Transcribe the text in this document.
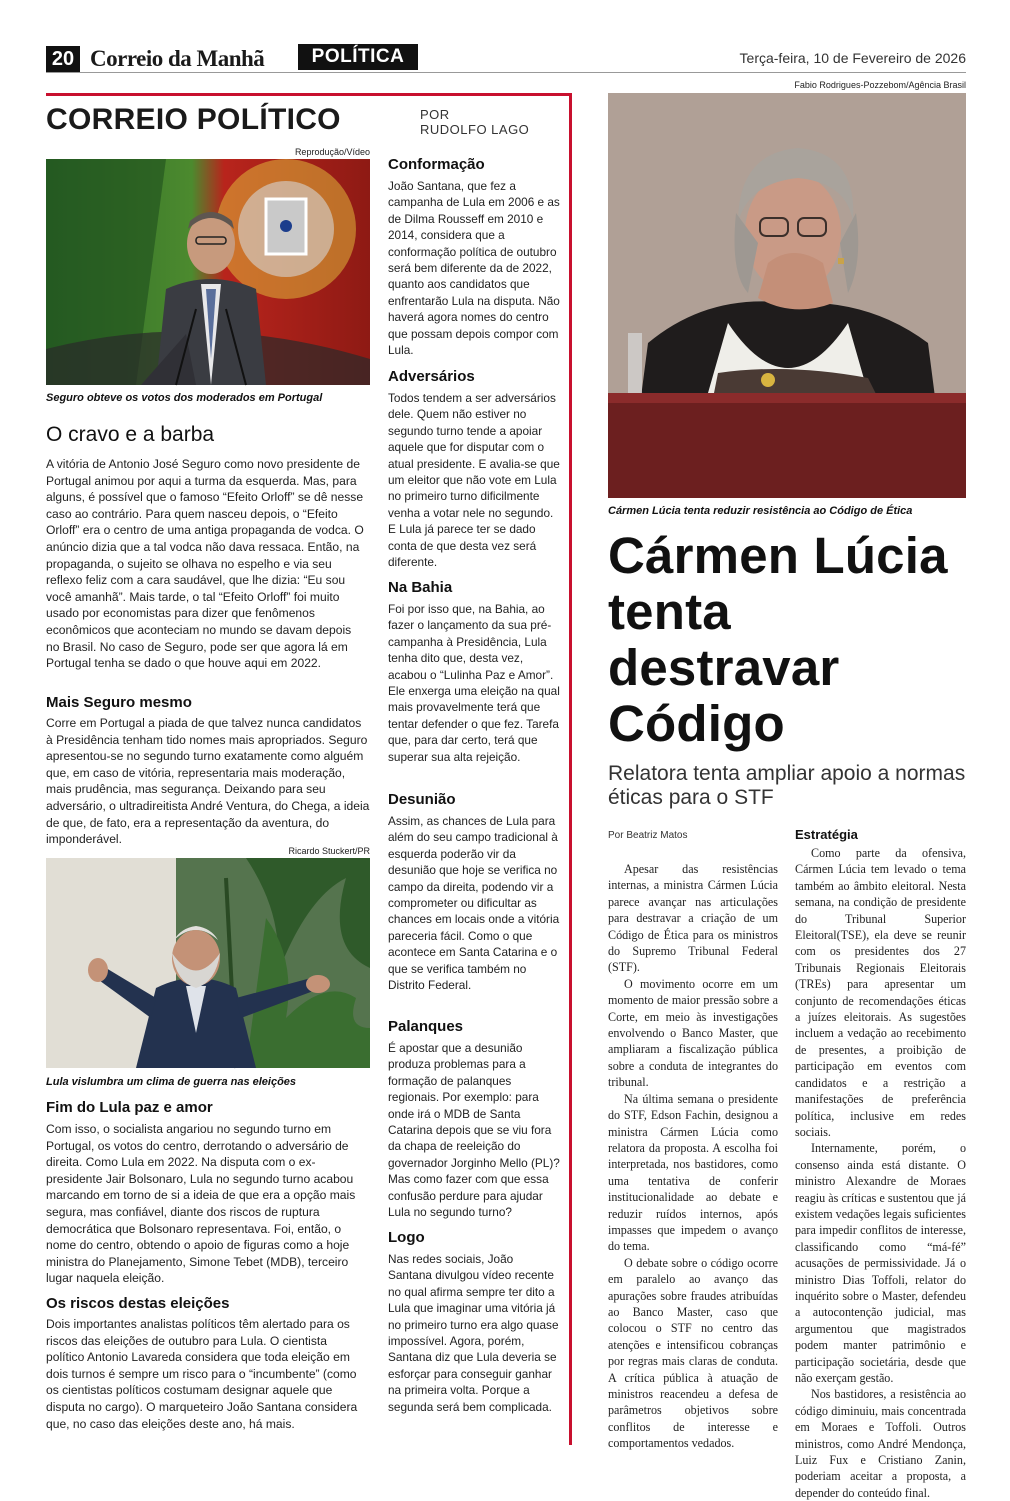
20 Correio da Manhã	POLÍTICA	Terça-feira, 10 de Fevereiro de 2026
CORREIO POLÍTICO	POR
RUDOLFO LAGO
Reprodução/Vídeo
Seguro obteve os votos dos moderados em Portugal
O cravo e a barba

A vitória de Antonio José Seguro como novo presidente de Portugal animou por aqui a turma da esquerda. Mas, para alguns, é possível que o famoso “Efeito Orloff” se dê nesse caso ao contrário. Para quem nasceu depois, o “Efeito Orloff” era o centro de uma antiga propaganda de vodca. O anúncio dizia que a tal vodca não dava ressaca. Então, na propaganda, o sujeito se olhava no espelho e via seu reflexo feliz com a cara saudável, que lhe dizia: “Eu sou você amanhã”. Mais tarde, o tal “Efeito Orloff” foi muito usado por economistas para dizer que fenômenos econômicos que aconteciam no mundo se davam depois no Brasil. No caso de Seguro, pode ser que agora lá em Portugal tenha se dado o que houve aqui em 2022.

Mais Seguro mesmo

Corre em Portugal a piada de que talvez nunca candidatos à Presidência tenham tido nomes mais apropriados. Seguro apresentou-se no segundo turno exatamente como alguém que, em caso de vitória, representaria mais moderação, mais prudência, mas segurança. Deixando para seu adversário, o ultradireitista André Ventura, do Chega, a ideia de que, de fato, era a representação da aventura, do imponderável.

Ricardo Stuckert/PR
Lula vislumbra um clima de guerra nas eleições
Fim do Lula paz e amor

Com isso, o socialista angariou no segundo turno em Portugal, os votos do centro, derrotando o adversário de direita. Como Lula em 2022. Na disputa com o ex-presidente Jair Bolsonaro, Lula no segundo turno acabou marcando em torno de si a ideia de que era a opção mais segura, mas confiável, diante dos riscos de ruptura democrática que Bolsonaro representava. Foi, então, o nome do centro, obtendo o apoio de figuras como a hoje ministra do Planejamento, Simone Tebet (MDB), terceiro lugar naquela eleição.

Os riscos destas eleições

Dois importantes analistas políticos têm alertado para os riscos das eleições de outubro para Lula. O cientista político Antonio Lavareda considera que toda eleição em dois turnos é sempre um risco para o “incumbente” (como os cientistas políticos costumam designar aquele que disputa no cargo). O marqueteiro João Santana considera que, no caso das eleições deste ano, há mais.

Conformação

João Santana, que fez a campanha de Lula em 2006 e as de Dilma Rousseff em 2010 e 2014, considera que a conformação política de outubro será bem diferente da de 2022, quanto aos candidatos que enfrentarão Lula na disputa. Não haverá agora nomes do centro que possam depois compor com Lula.

Adversários

Todos tendem a ser adversários dele. Quem não estiver no segundo turno tende a apoiar aquele que for disputar com o atual presidente. E avalia-se que um eleitor que não vote em Lula no primeiro turno dificilmente venha a votar nele no segundo. E Lula já parece ter se dado conta de que desta vez será diferente.

Na Bahia

Foi por isso que, na Bahia, ao fazer o lançamento da sua pré-campanha à Presidência, Lula tenha dito que, desta vez, acabou o “Lulinha Paz e Amor”. Ele enxerga uma eleição na qual mais provavelmente terá que tentar defender o que fez. Tarefa que, para dar certo, terá que superar sua alta rejeição.

Desunião

Assim, as chances de Lula para além do seu campo tradicional à esquerda poderão vir da desunião que hoje se verifica no campo da direita, podendo vir a comprometer ou dificultar as chances em locais onde a vitória pareceria fácil. Como o que acontece em Santa Catarina e o que se verifica também no Distrito Federal.

Palanques

É apostar que a desunião produza problemas para a formação de palanques regionais. Por exemplo: para onde irá o MDB de Santa Catarina depois que se viu fora da chapa de reeleição do governador Jorginho Mello (PL)? Mas como fazer com que essa confusão perdure para ajudar Lula no segundo turno?

Logo

Nas redes sociais, João Santana divulgou vídeo recente no qual afirma sempre ter dito a Lula que imaginar uma vitória já no primeiro turno era algo quase impossível. Agora, porém, Santana diz que Lula deveria se esforçar para conseguir ganhar na primeira volta. Porque a segunda será bem complicada.

Fabio Rodrigues-Pozzebom/Agência Brasil
Cármen Lúcia tenta reduzir resistência ao Código de Ética
Cármen Lúcia tenta destravar Código
Relatora tenta ampliar apoio a normas éticas para o STF
Por Beatriz Matos

Apesar das resistências internas, a ministra Cármen Lúcia parece avançar nas articulações para destravar a criação de um Código de Ética para os ministros do Supremo Tribunal Federal (STF).

O movimento ocorre em um momento de maior pressão sobre a Corte, em meio às investigações envolvendo o Banco Master, que ampliaram a fiscalização pública sobre a conduta de integrantes do tribunal.

Na última semana o presidente do STF, Edson Fachin, designou a ministra Cármen Lúcia como relatora da proposta. A escolha foi interpretada, nos bastidores, como uma tentativa de conferir institucionalidade ao debate e reduzir ruídos internos, após impasses que impedem o avanço do tema.

O debate sobre o código ocorre em paralelo ao avanço das apurações sobre fraudes atribuídas ao Banco Master, caso que colocou o STF no centro das atenções e intensificou cobranças por regras mais claras de conduta. A crítica pública à atuação de ministros reacendeu a defesa de parâmetros objetivos sobre conflitos de interesse e comportamentos vedados.

Estratégia

Como parte da ofensiva, Cármen Lúcia tem levado o tema também ao âmbito eleitoral. Nesta semana, na condição de presidente do Tribunal Superior Eleitoral(TSE), ela deve se reunir com os presidentes dos 27 Tribunais Regionais Eleitorais (TREs) para apresentar um conjunto de recomendações éticas a juízes eleitorais. As sugestões incluem a vedação ao recebimento de presentes, a proibição de participação em eventos com candidatos e a restrição a manifestações de preferência política, inclusive em redes sociais.

Internamente, porém, o consenso ainda está distante. O ministro Alexandre de Moraes reagiu às críticas e sustentou que já existem vedações legais suficientes para impedir conflitos de interesse, classificando como “má-fé” acusações de permissividade. Já o ministro Dias Toffoli, relator do inquérito sobre o Master, defendeu a autocontenção judicial, mas argumentou que magistrados podem manter patrimônio e participação societária, desde que não exerçam gestão.

Nos bastidores, a resistência ao código diminuiu, mais concentrada em Moraes e Toffoli. Outros ministros, como André Mendonça, Luiz Fux e Cristiano Zanin, poderiam aceitar a proposta, a depender do conteúdo final.
